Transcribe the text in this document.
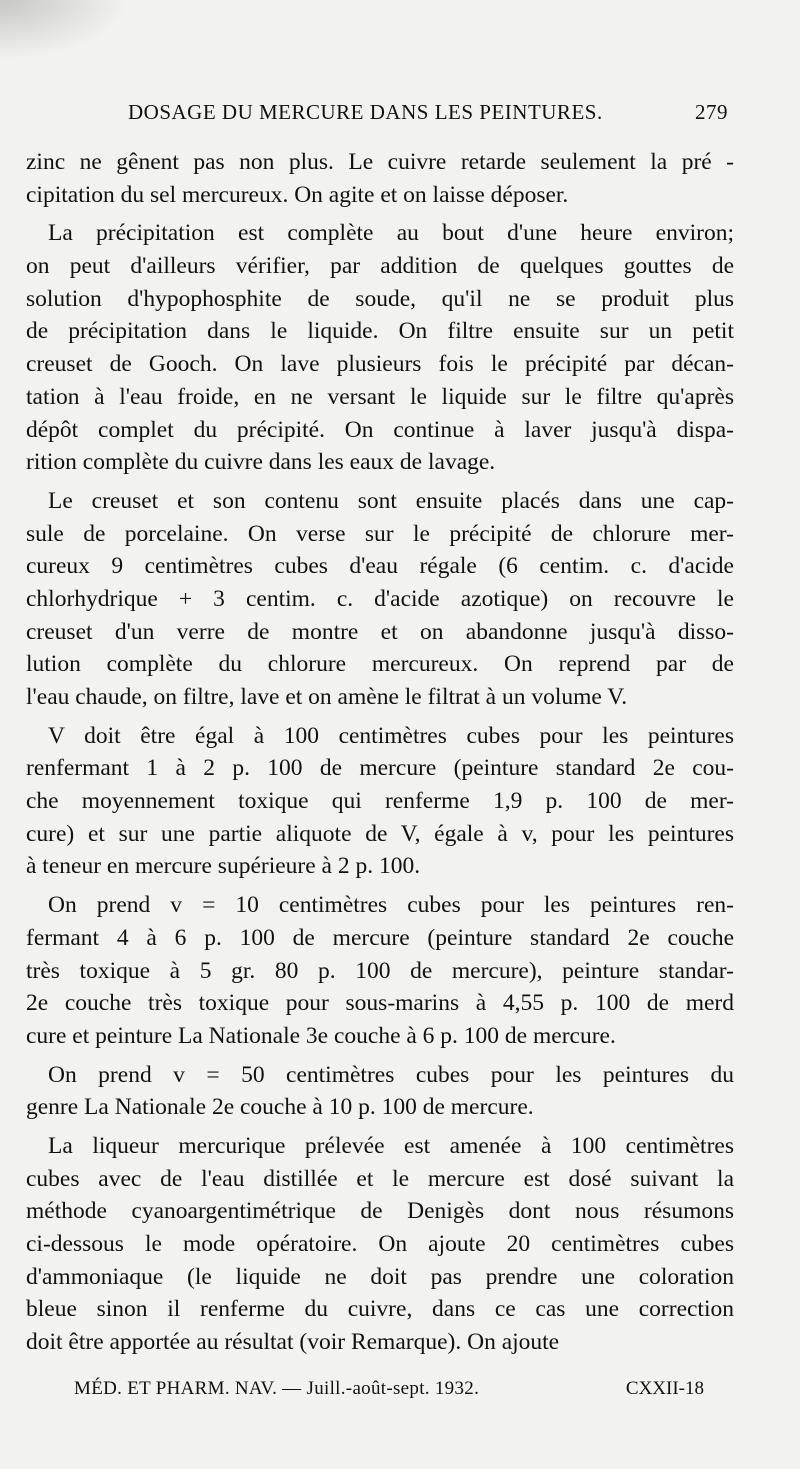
DOSAGE DU MERCURE DANS LES PEINTURES.	279
zinc ne gênent pas non plus. Le cuivre retarde seulement la pré -
cipitation du sel mercureux. On agite et on laisse déposer.
La précipitation est complète au bout d'une heure environ;
on peut d'ailleurs vérifier, par addition de quelques gouttes de
solution d'hypophosphite de soude, qu'il ne se produit plus
de précipitation dans le liquide. On filtre ensuite sur un petit
creuset de Gooch. On lave plusieurs fois le précipité par décan-
tation à l'eau froide, en ne versant le liquide sur le filtre qu'après
dépôt complet du précipité. On continue à laver jusqu'à dispa-
rition complète du cuivre dans les eaux de lavage.
Le creuset et son contenu sont ensuite placés dans une cap-
sule de porcelaine. On verse sur le précipité de chlorure mer-
cureux 9 centimètres cubes d'eau régale (6 centim. c. d'acide
chlorhydrique + 3 centim. c. d'acide azotique) on recouvre le
creuset d'un verre de montre et on abandonne jusqu'à disso-
lution complète du chlorure mercureux. On reprend par de
l'eau chaude, on filtre, lave et on amène le filtrat à un volume V.
V doit être égal à 100 centimètres cubes pour les peintures
renfermant 1 à 2 p. 100 de mercure (peinture standard 2e cou-
che moyennement toxique qui renferme 1,9 p. 100 de mer-
cure) et sur une partie aliquote de V, égale à v, pour les peintures
à teneur en mercure supérieure à 2 p. 100.
On prend v = 10 centimètres cubes pour les peintures ren-
fermant 4 à 6 p. 100 de mercure (peinture standard 2e couche
très toxique à 5 gr. 80 p. 100 de mercure), peinture standar-
2e couche très toxique pour sous-marins à 4,55 p. 100 de merd
cure et peinture La Nationale 3e couche à 6 p. 100 de mercure.
On prend v = 50 centimètres cubes pour les peintures du
genre La Nationale 2e couche à 10 p. 100 de mercure.
La liqueur mercurique prélevée est amenée à 100 centimètres
cubes avec de l'eau distillée et le mercure est dosé suivant la
méthode cyanoargentimétrique de Denigès dont nous résumons
ci-dessous le mode opératoire. On ajoute 20 centimètres cubes
d'ammoniaque (le liquide ne doit pas prendre une coloration
bleue sinon il renferme du cuivre, dans ce cas une correction
doit être apportée au résultat (voir Remarque). On ajoute
MÉD. ET PHARM. NAV. — Juill.-août-sept. 1932.	CXXII-18
